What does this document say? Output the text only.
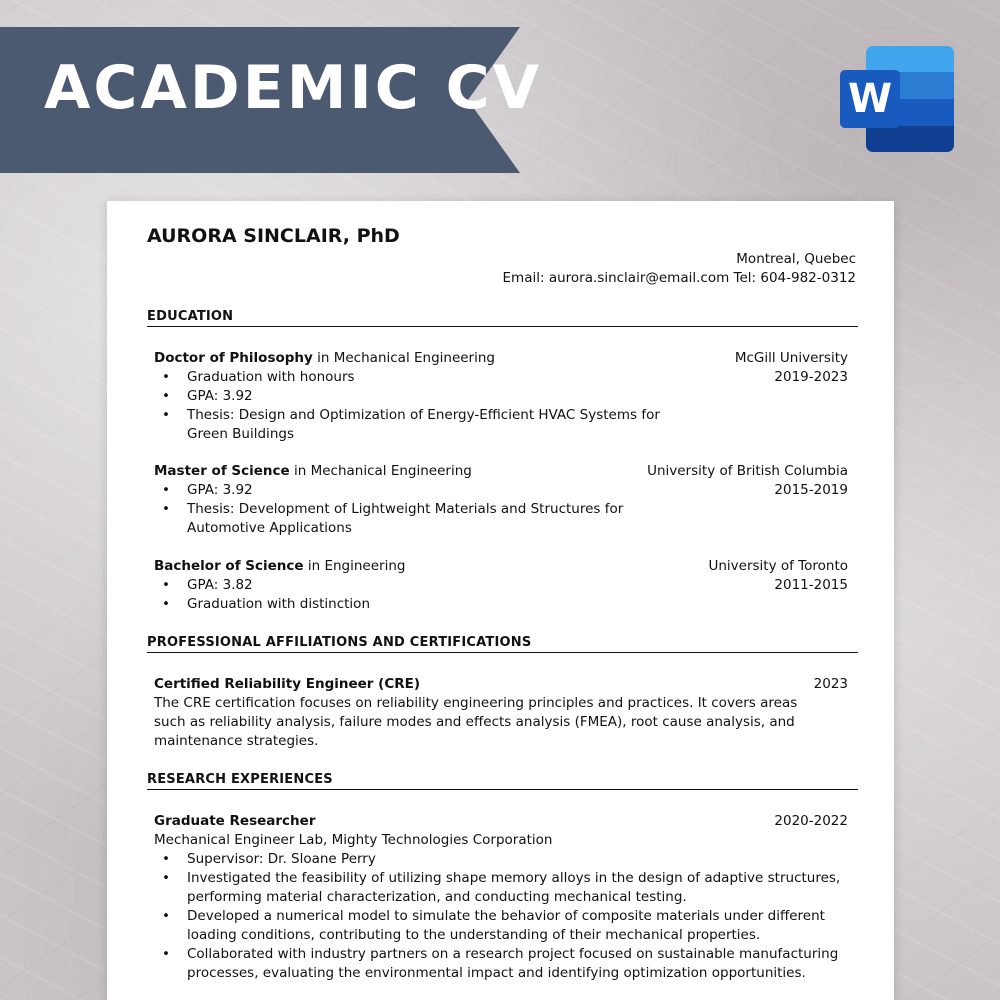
ACADEMIC CV	W
AURORA SINCLAIR, PhD
Montreal, Quebec
Email: aurora.sinclair@email.com Tel: 604-982-0312
EDUCATION
Doctor of Philosophy in Mechanical Engineering	McGill University
• Graduation with honours	2019-2023
• GPA: 3.92
• Thesis: Design and Optimization of Energy-Efficient HVAC Systems for Green Buildings
Master of Science in Mechanical Engineering	University of British Columbia
• GPA: 3.92	2015-2019
• Thesis: Development of Lightweight Materials and Structures for Automotive Applications
Bachelor of Science in Engineering	University of Toronto
• GPA: 3.82	2011-2015
• Graduation with distinction
PROFESSIONAL AFFILIATIONS AND CERTIFICATIONS
Certified Reliability Engineer (CRE)	2023
The CRE certification focuses on reliability engineering principles and practices. It covers areas such as reliability analysis, failure modes and effects analysis (FMEA), root cause analysis, and maintenance strategies.
RESEARCH EXPERIENCES
Graduate Researcher	2020-2022
Mechanical Engineer Lab, Mighty Technologies Corporation
• Supervisor: Dr. Sloane Perry
• Investigated the feasibility of utilizing shape memory alloys in the design of adaptive structures, performing material characterization, and conducting mechanical testing.
• Developed a numerical model to simulate the behavior of composite materials under different loading conditions, contributing to the understanding of their mechanical properties.
• Collaborated with industry partners on a research project focused on sustainable manufacturing processes, evaluating the environmental impact and identifying optimization opportunities.
